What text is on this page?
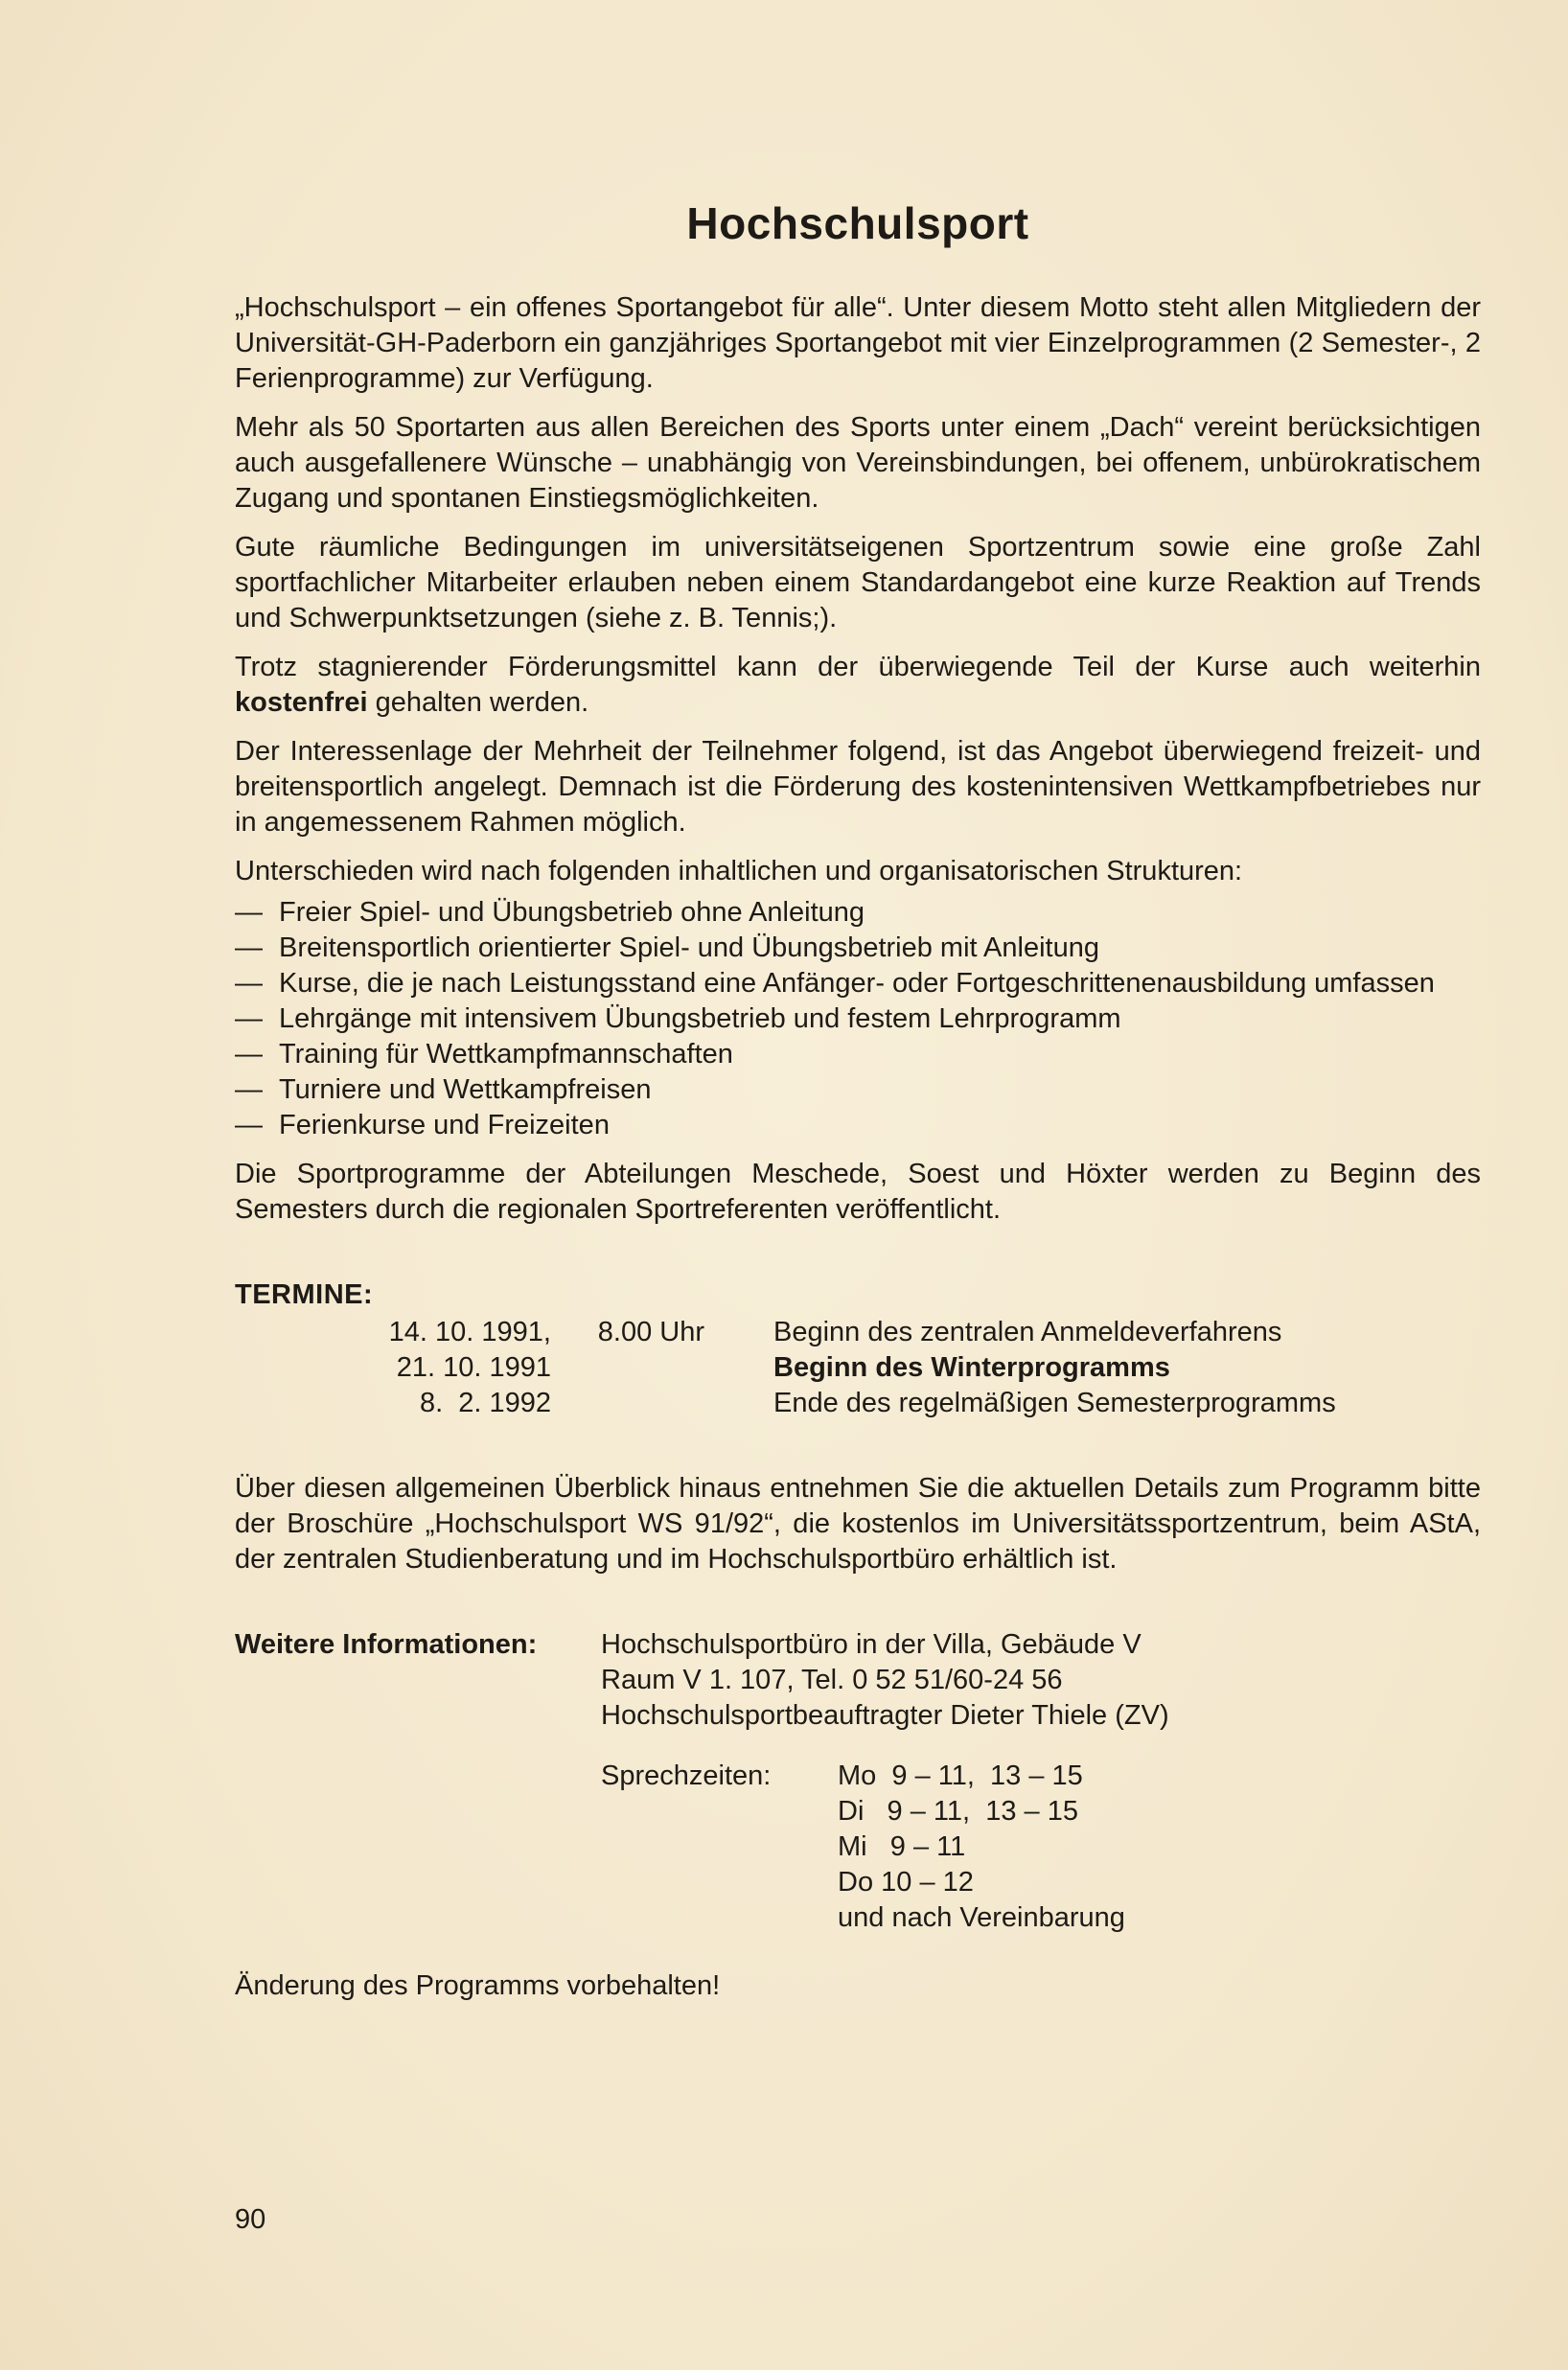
Hochschulsport

„Hochschulsport – ein offenes Sportangebot für alle“. Unter diesem Motto steht allen Mitgliedern der Universität-GH-Paderborn ein ganzjähriges Sportangebot mit vier Einzelprogrammen (2 Semester-, 2 Ferienprogramme) zur Verfügung.

Mehr als 50 Sportarten aus allen Bereichen des Sports unter einem „Dach“ vereint berücksichtigen auch ausgefallenere Wünsche – unabhängig von Vereinsbindungen, bei offenem, unbürokratischem Zugang und spontanen Einstiegsmöglichkeiten.

Gute räumliche Bedingungen im universitätseigenen Sportzentrum sowie eine große Zahl sportfachlicher Mitarbeiter erlauben neben einem Standardangebot eine kurze Reaktion auf Trends und Schwerpunktsetzungen (siehe z. B. Tennis;).

Trotz stagnierender Förderungsmittel kann der überwiegende Teil der Kurse auch weiterhin kostenfrei gehalten werden.

Der Interessenlage der Mehrheit der Teilnehmer folgend, ist das Angebot überwiegend freizeit- und breitensportlich angelegt. Demnach ist die Förderung des kostenintensiven Wettkampfbetriebes nur in angemessenem Rahmen möglich.

Unterschieden wird nach folgenden inhaltlichen und organisatorischen Strukturen:

— Freier Spiel- und Übungsbetrieb ohne Anleitung
— Breitensportlich orientierter Spiel- und Übungsbetrieb mit Anleitung
— Kurse, die je nach Leistungsstand eine Anfänger- oder Fortgeschrittenenausbildung umfassen
— Lehrgänge mit intensivem Übungsbetrieb und festem Lehrprogramm
— Training für Wettkampfmannschaften
— Turniere und Wettkampfreisen
— Ferienkurse und Freizeiten

Die Sportprogramme der Abteilungen Meschede, Soest und Höxter werden zu Beginn des Semesters durch die regionalen Sportreferenten veröffentlicht.

TERMINE:
14. 10. 1991,	8.00 Uhr	Beginn des zentralen Anmeldeverfahrens
21. 10. 1991		Beginn des Winterprogramms
8.  2. 1992		Ende des regelmäßigen Semesterprogramms

Über diesen allgemeinen Überblick hinaus entnehmen Sie die aktuellen Details zum Programm bitte der Broschüre „Hochschulsport WS 91/92“, die kostenlos im Universitätssportzentrum, beim AStA, der zentralen Studienberatung und im Hochschulsportbüro erhältlich ist.

Weitere Informationen:	Hochschulsportbüro in der Villa, Gebäude V
Raum V 1. 107, Tel. 0 52 51/60-24 56
Hochschulsportbeauftragter Dieter Thiele (ZV)
Sprechzeiten:	Mo  9 – 11,  13 – 15
Di   9 – 11,  13 – 15
Mi   9 – 11
Do 10 – 12
und nach Vereinbarung
Änderung des Programms vorbehalten!
90
